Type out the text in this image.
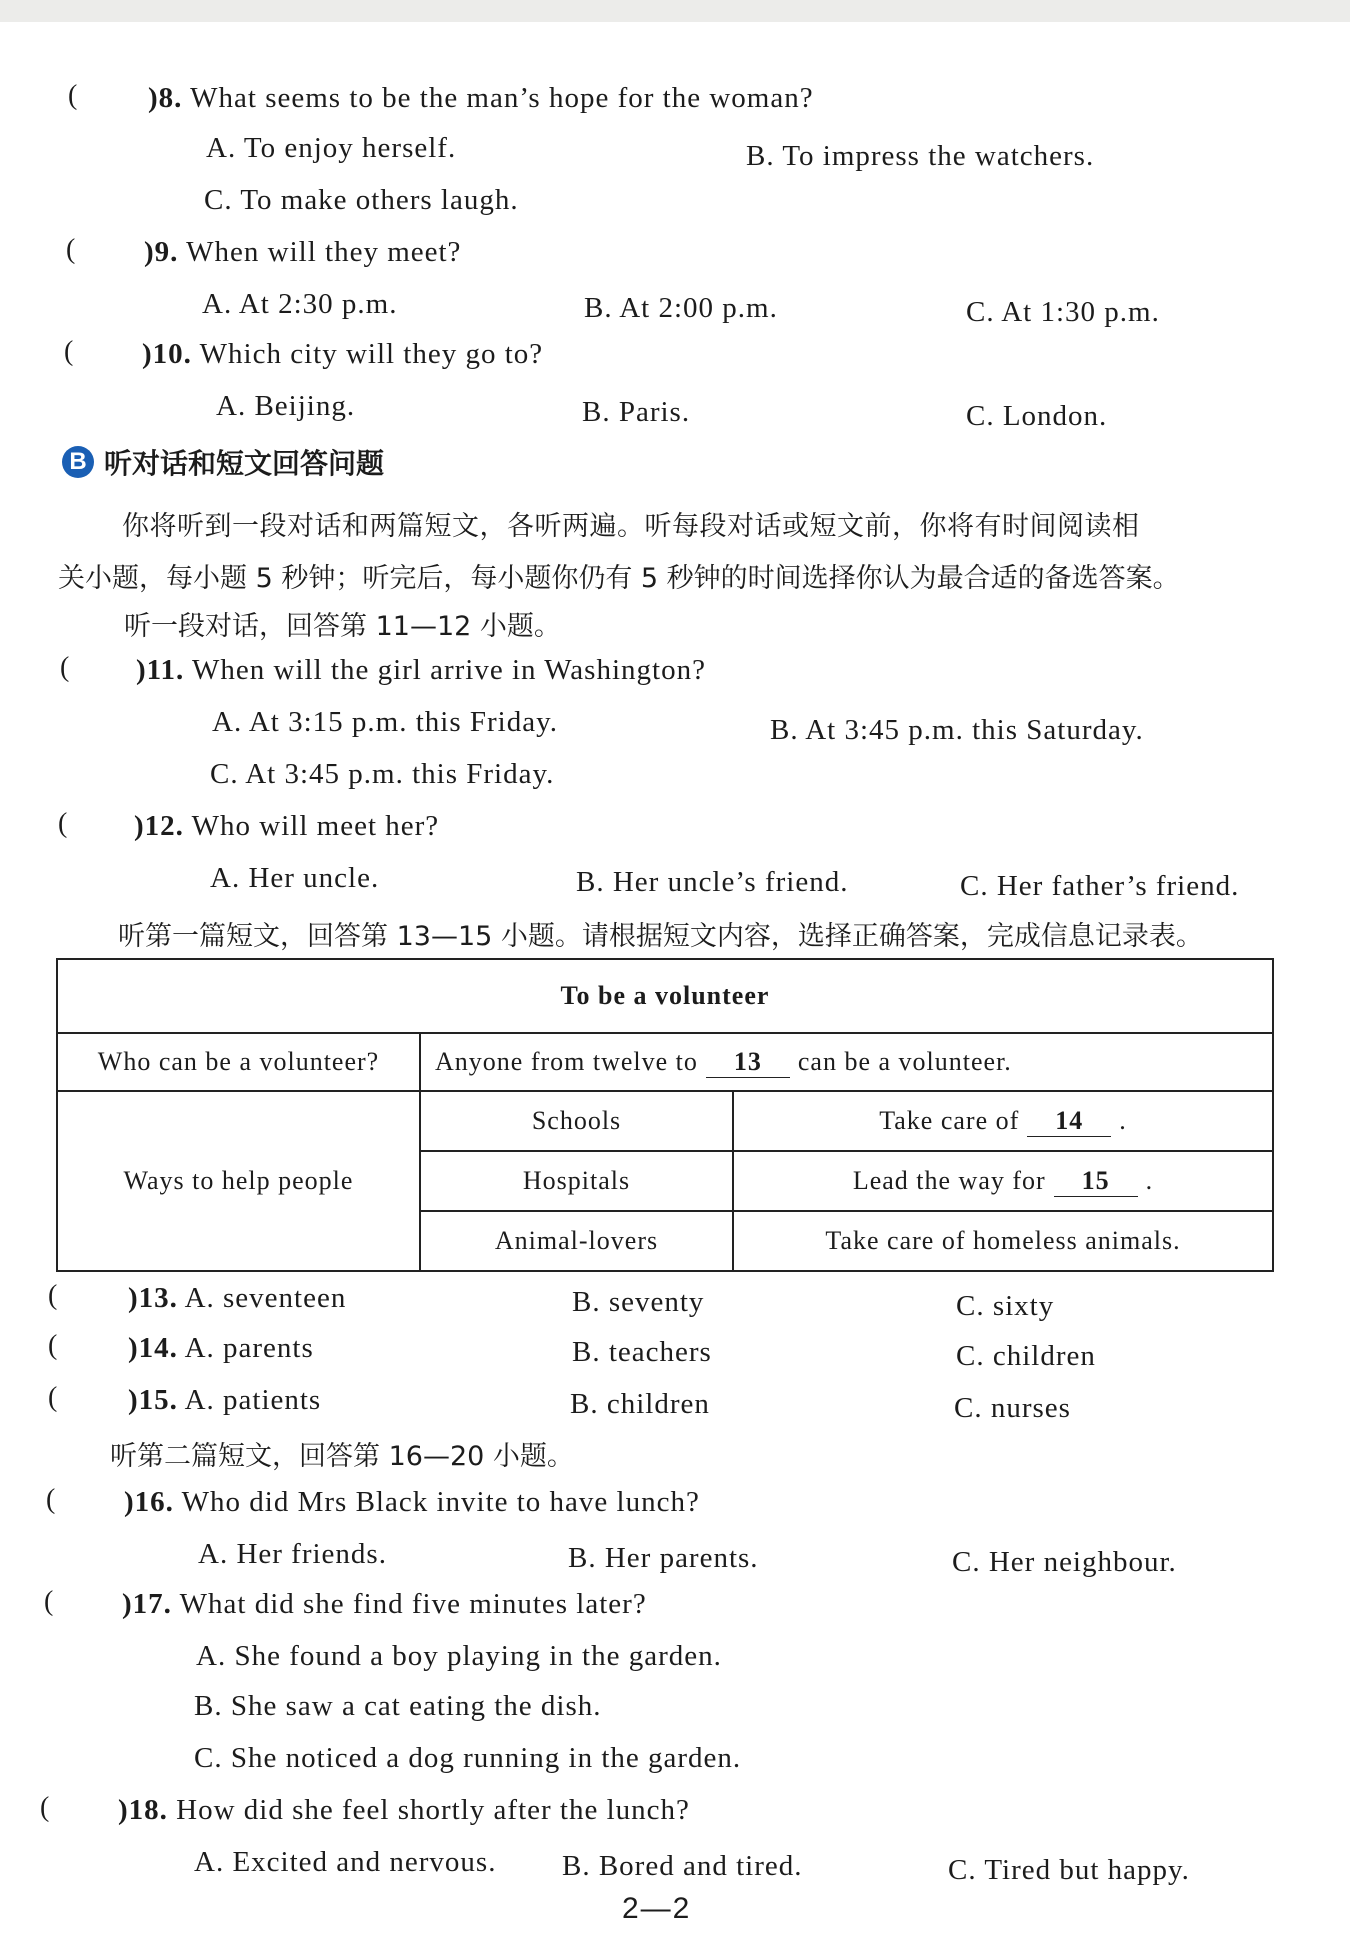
( )8. What seems to be the man’s hope for the woman?
A. To enjoy herself.	B. To impress the watchers.
C. To make others laugh.
( )9. When will they meet?
A. At 2:30 p.m.	B. At 2:00 p.m.	C. At 1:30 p.m.
( )10. Which city will they go to?
A. Beijing.	B. Paris.	C. London.
B 听对话和短文回答问题
你将听到一段对话和两篇短文，各听两遍。听每段对话或短文前，你将有时间阅读相
关小题，每小题 5 秒钟；听完后，每小题你仍有 5 秒钟的时间选择你认为最合适的备选答案。
听一段对话，回答第 11—12 小题。
( )11. When will the girl arrive in Washington?
A. At 3:15 p.m. this Friday.	B. At 3:45 p.m. this Saturday.
C. At 3:45 p.m. this Friday.
( )12. Who will meet her?
A. Her uncle.	B. Her uncle’s friend.	C. Her father’s friend.
听第一篇短文，回答第 13—15 小题。请根据短文内容，选择正确答案，完成信息记录表。
To be a volunteer		
Who can be a volunteer?	Anyone from twelve to 13 can be a volunteer.	
Ways to help people	Schools	Take care of 14 .
	Hospitals	Lead the way for 15 .
	Animal-lovers	Take care of homeless animals.
( )13. A. seventeen	B. seventy	C. sixty
( )14. A. parents	B. teachers	C. children
( )15. A. patients	B. children	C. nurses
听第二篇短文，回答第 16—20 小题。
( )16. Who did Mrs Black invite to have lunch?
A. Her friends.	B. Her parents.	C. Her neighbour.
( )17. What did she find five minutes later?
A. She found a boy playing in the garden.
B. She saw a cat eating the dish.
C. She noticed a dog running in the garden.
( )18. How did she feel shortly after the lunch?
A. Excited and nervous. B. Bored and tired.	C. Tired but happy.
2—2
